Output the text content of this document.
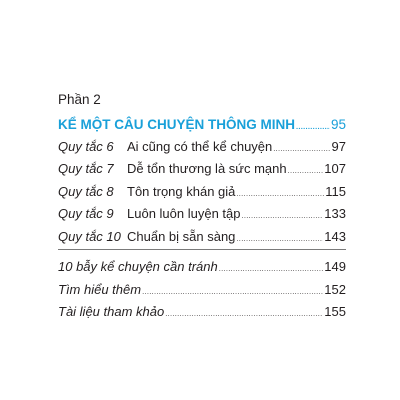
Phần 2
KỂ MỘT CÂU CHUYỆN THÔNG MINH .....	95
Quy tắc 6	Ai cũng có thể kể chuyện .....	97
Quy tắc 7	Dễ tổn thương là sức mạnh .....	107
Quy tắc 8	Tôn trọng khán giả .....	115
Quy tắc 9	Luôn luôn luyện tập .....	133
Quy tắc 10 Chuẩn bị sẵn sàng .....	143
10 bẫy kể chuyện cần tránh .....	149
Tìm hiểu thêm .....	152
Tài liệu tham khảo .....	155
